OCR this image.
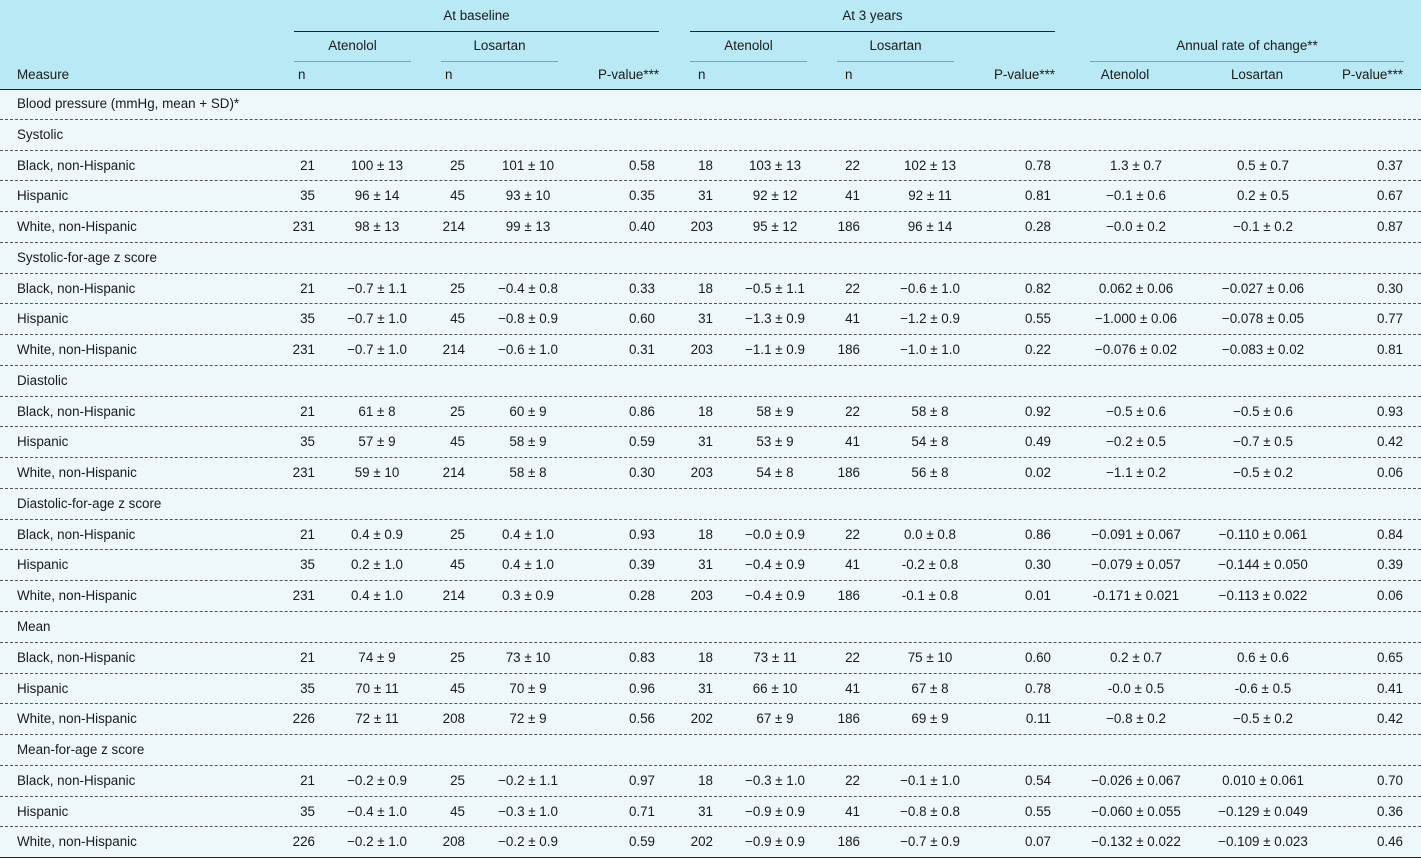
At baseline	At 3 years
Atenolol	Losartan	Atenolol	Losartan	Annual rate of change**
Measure	n	n	P-value***	n	n	P-value***	Atenolol	Losartan	P-value***
Blood pressure (mmHg, mean + SD)*
Systolic
Black, non-Hispanic	21	100 ± 13	25	101 ± 10	0.58	18	103 ± 13	22	102 ± 13	0.78	1.3 ± 0.7	0.5 ± 0.7	0.37
Hispanic	35	96 ± 14	45	93 ± 10	0.35	31	92 ± 12	41	92 ± 11	0.81	−0.1 ± 0.6	0.2 ± 0.5	0.67
White, non-Hispanic	231	98 ± 13	214	99 ± 13	0.40	203	95 ± 12	186	96 ± 14	0.28	−0.0 ± 0.2	−0.1 ± 0.2	0.87
Systolic-for-age z score
Black, non-Hispanic	21	−0.7 ± 1.1	25	−0.4 ± 0.8	0.33	18	−0.5 ± 1.1	22	−0.6 ± 1.0	0.82	0.062 ± 0.06	−0.027 ± 0.06	0.30
Hispanic	35	−0.7 ± 1.0	45	−0.8 ± 0.9	0.60	31	−1.3 ± 0.9	41	−1.2 ± 0.9	0.55	−1.000 ± 0.06	−0.078 ± 0.05	0.77
White, non-Hispanic	231	−0.7 ± 1.0	214	−0.6 ± 1.0	0.31	203	−1.1 ± 0.9	186	−1.0 ± 1.0	0.22	−0.076 ± 0.02	−0.083 ± 0.02	0.81
Diastolic
Black, non-Hispanic	21	61 ± 8	25	60 ± 9	0.86	18	58 ± 9	22	58 ± 8	0.92	−0.5 ± 0.6	−0.5 ± 0.6	0.93
Hispanic	35	57 ± 9	45	58 ± 9	0.59	31	53 ± 9	41	54 ± 8	0.49	−0.2 ± 0.5	−0.7 ± 0.5	0.42
White, non-Hispanic	231	59 ± 10	214	58 ± 8	0.30	203	54 ± 8	186	56 ± 8	0.02	−1.1 ± 0.2	−0.5 ± 0.2	0.06
Diastolic-for-age z score
Black, non-Hispanic	21	0.4 ± 0.9	25	0.4 ± 1.0	0.93	18	−0.0 ± 0.9	22	0.0 ± 0.8	0.86	−0.091 ± 0.067	−0.110 ± 0.061	0.84
Hispanic	35	0.2 ± 1.0	45	0.4 ± 1.0	0.39	31	−0.4 ± 0.9	41	-0.2 ± 0.8	0.30	−0.079 ± 0.057	−0.144 ± 0.050	0.39
White, non-Hispanic	231	0.4 ± 1.0	214	0.3 ± 0.9	0.28	203	−0.4 ± 0.9	186	-0.1 ± 0.8	0.01	-0.171 ± 0.021	−0.113 ± 0.022	0.06
Mean
Black, non-Hispanic	21	74 ± 9	25	73 ± 10	0.83	18	73 ± 11	22	75 ± 10	0.60	0.2 ± 0.7	0.6 ± 0.6	0.65
Hispanic	35	70 ± 11	45	70 ± 9	0.96	31	66 ± 10	41	67 ± 8	0.78	-0.0 ± 0.5	-0.6 ± 0.5	0.41
White, non-Hispanic	226	72 ± 11	208	72 ± 9	0.56	202	67 ± 9	186	69 ± 9	0.11	−0.8 ± 0.2	−0.5 ± 0.2	0.42
Mean-for-age z score
Black, non-Hispanic	21	−0.2 ± 0.9	25	−0.2 ± 1.1	0.97	18	−0.3 ± 1.0	22	−0.1 ± 1.0	0.54	−0.026 ± 0.067	0.010 ± 0.061	0.70
Hispanic	35	−0.4 ± 1.0	45	−0.3 ± 1.0	0.71	31	−0.9 ± 0.9	41	−0.8 ± 0.8	0.55	−0.060 ± 0.055	−0.129 ± 0.049	0.36
White, non-Hispanic	226	−0.2 ± 1.0	208	−0.2 ± 0.9	0.59	202	−0.9 ± 0.9	186	−0.7 ± 0.9	0.07	−0.132 ± 0.022	−0.109 ± 0.023	0.46
